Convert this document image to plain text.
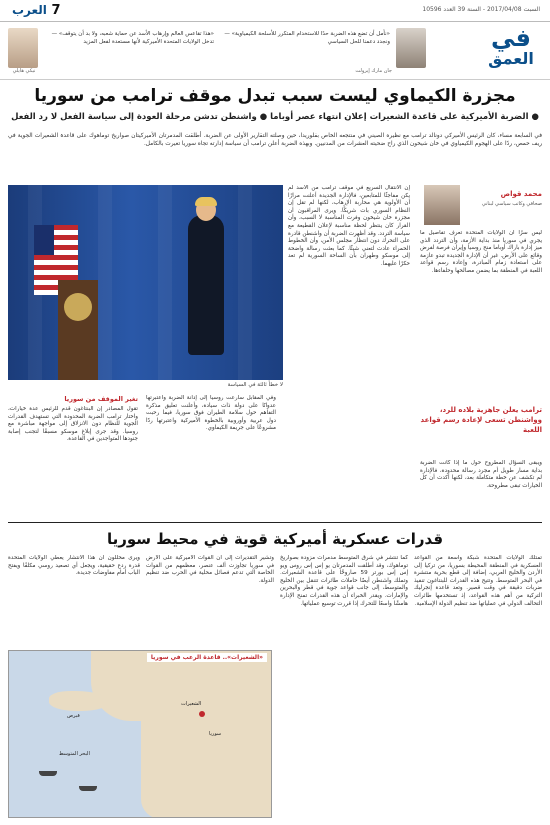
7 العرب	السبت 2017/04/08 - السنة 39 العدد 10596
«هذا تقاعس العالم وإرهاب الأسد عن حماية شعبه، ولا بد أن يتوقف» — تدخل الولايات المتحدة الأميركية لأنها مستعدة لفعل المزيد
نيكي هايلي
«نأمل أن تضع هذه الضربة حدًا للاستخدام المتكرر للأسلحة الكيمياوية» — ونجدد دعمنا للحل السياسي
جان مارك إيرولت
في
العمق
مجزرة الكيماوي ليست سبب تبدل موقف ترامب من سوريا
● الضربة الأميركية على قاعدة الشعيرات إعلان انتهاء عصر أوباما ● واشنطن تدشن مرحلة العودة إلى سياسة الفعل لا رد الفعل

في السابعة مساء، كان الرئيس الأميركي دونالد ترامب مع نظيره الصيني في منتجعه الخاص بفلوريدا، حين وصلته التقارير الأولى عن الضربة. أطلقت المدمرتان الأميركيتان صواريخ توماهوك على قاعدة الشعيرات الجوية في ريف حمص، ردًا على الهجوم الكيمياوي في خان شيخون الذي راح ضحيته العشرات من المدنيين. وبهذه الضربة أعلن ترامب أن سياسة إدارته تجاه سوريا تغيرت بالكامل.

لا خطأ ثالثة في السياسة
محمد قواص
صحافي وكاتب سياسي لبناني
ليس سرًا أن الولايات المتحدة تعرف تفاصيل ما يجري في سوريا منذ بداية الأزمة، وأن التردد الذي ميز إدارة باراك أوباما منح روسيا وإيران فرصة لفرض وقائع على الأرض. غير أن الإدارة الجديدة تبدو عازمة على استعادة زمام المبادرة، وإعادة رسم قواعد اللعبة في المنطقة بما يضمن مصالحها وحلفاءها.
إن الانتقال السريع في موقف ترامب من الأسد لم يكن مفاجئًا للمتابعين، فالإدارة الجديدة أعلنت مرارًا أن الأولوية هي محاربة الإرهاب، لكنها لم تقل إن النظام السوري بات شريكًا. ويرى المراقبون أن مجزرة خان شيخون وفرت المناسبة لا السبب، وأن القرار كان ينتظر لحظة مناسبة لإعلان القطيعة مع سياسة التردد. وقد أظهرت الضربة أن واشنطن قادرة على التحرك دون انتظار مجلس الأمن، وأن الخطوط الحمراء عادت لتعني شيئًا. كما بعثت رسالة واضحة إلى موسكو وطهران بأن الساحة السورية لم تعد حكرًا عليهما.
ترامب يعلن جاهزية بلاده للرد، وواشنطن تسعى لإعادة رسم قواعد اللعبة
ويبقى السؤال المطروح حول ما إذا كانت الضربة بداية مسار طويل أم مجرد رسالة محدودة، فالإدارة لم تكشف عن خطة متكاملة بعد، لكنها أكدت أن كل الخيارات تبقى مطروحة.
وفي المقابل سارعت روسيا إلى إدانة الضربة واعتبرتها عدوانًا على دولة ذات سيادة، وأعلنت تعليق مذكرة التفاهم حول سلامة الطيران فوق سوريا، فيما رحبت دول عربية وأوروبية بالخطوة الأميركية واعتبرتها ردًا مشروعًا على جريمة الكيماوي.
تغير الموقف من سوريا
تقول المصادر إن البنتاغون قدم للرئيس عدة خيارات، واختار ترامب الضربة المحدودة التي تستهدف القدرات الجوية للنظام دون الانزلاق إلى مواجهة مباشرة مع روسيا. وقد جرى إبلاغ موسكو مسبقًا لتجنب إصابة جنودها المتواجدين في القاعدة.
قدرات عسكرية أميركية قوية في محيط سوريا
تمتلك الولايات المتحدة شبكة واسعة من القواعد العسكرية في المنطقة المحيطة بسوريا، من تركيا إلى الأردن والخليج العربي، إضافة إلى قطع بحرية منتشرة في البحر المتوسط. وتتيح هذه القدرات للبنتاغون تنفيذ ضربات دقيقة في وقت قصير. وتعد قاعدة إنجرليك التركية من أهم هذه القواعد، إذ تستخدمها طائرات التحالف الدولي في عملياتها ضد تنظيم الدولة الإسلامية.
كما تنتشر في شرق المتوسط مدمرات مزودة بصواريخ توماهوك، وقد أطلقت المدمرتان يو إس إس روس ويو إس إس بورتر 59 صاروخًا على قاعدة الشعيرات. وتملك واشنطن أيضًا حاملات طائرات تتنقل بين الخليج والمتوسط، إلى جانب قواعد جوية في قطر والبحرين والإمارات. ويقدر الخبراء أن هذه القدرات تمنح الإدارة هامشًا واسعًا للتحرك إذا قررت توسيع عملياتها.
وتشير التقديرات إلى أن القوات الأميركية على الأرض في سوريا تجاوزت ألف عنصر، معظمهم من القوات الخاصة التي تدعم فصائل محلية في الحرب ضد تنظيم الدولة.
ويرى محللون أن هذا الانتشار يعطي الولايات المتحدة قدرة ردع حقيقية، ويجعل أي تصعيد روسي مكلفًا ويفتح الباب أمام مفاوضات جديدة.
«الشعيرات».. قاعدة الرعب في سوريا
البحر المتوسط
قبرص
سوريا
الشعيرات
